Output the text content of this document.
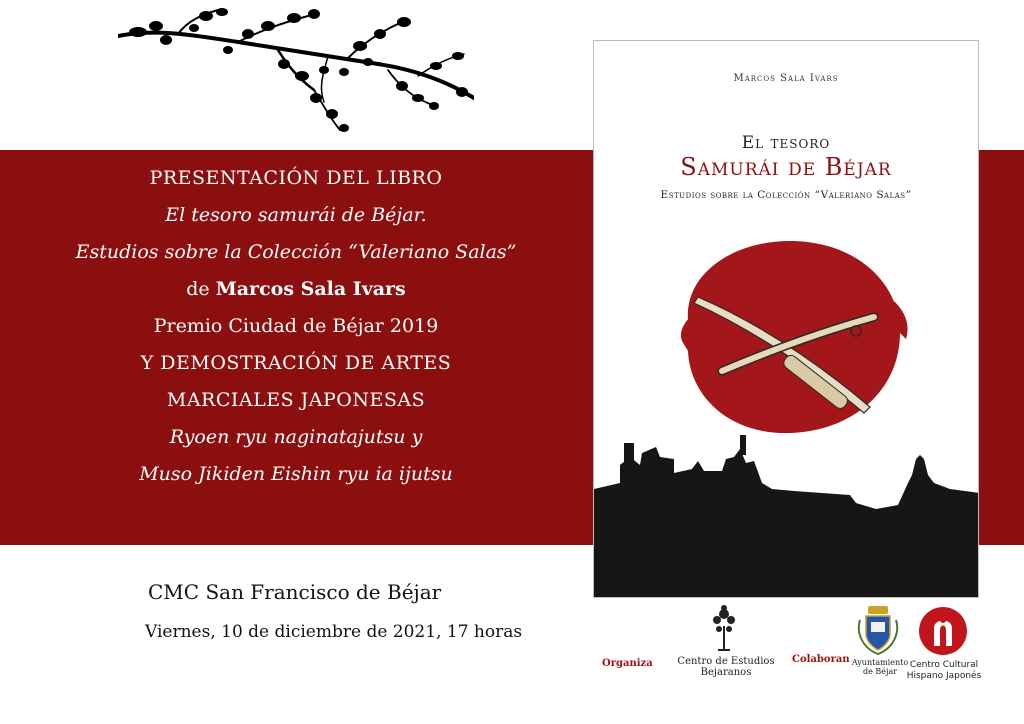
PRESENTACIÓN DEL LIBRO
El tesoro samurái de Béjar.
Estudios sobre la Colección “Valeriano Salas”
de Marcos Sala Ivars
Premio Ciudad de Béjar 2019
Y DEMOSTRACIÓN DE ARTES
MARCIALES JAPONESAS
Ryoen ryu naginatajutsu y
Muso Jikiden Eishin ryu ia ijutsu
CMC San Francisco de Béjar
Viernes, 10 de diciembre de 2021, 17 horas
Marcos Sala Ivars
El tesoro
Samurái de Béjar
Estudios sobre la Colección “Valeriano Salas”
Organiza	Centro de Estudios
Bejaranos
Colaboran Ayuntamiento
de Béjar
Centro Cultural
Hispano Japonés
